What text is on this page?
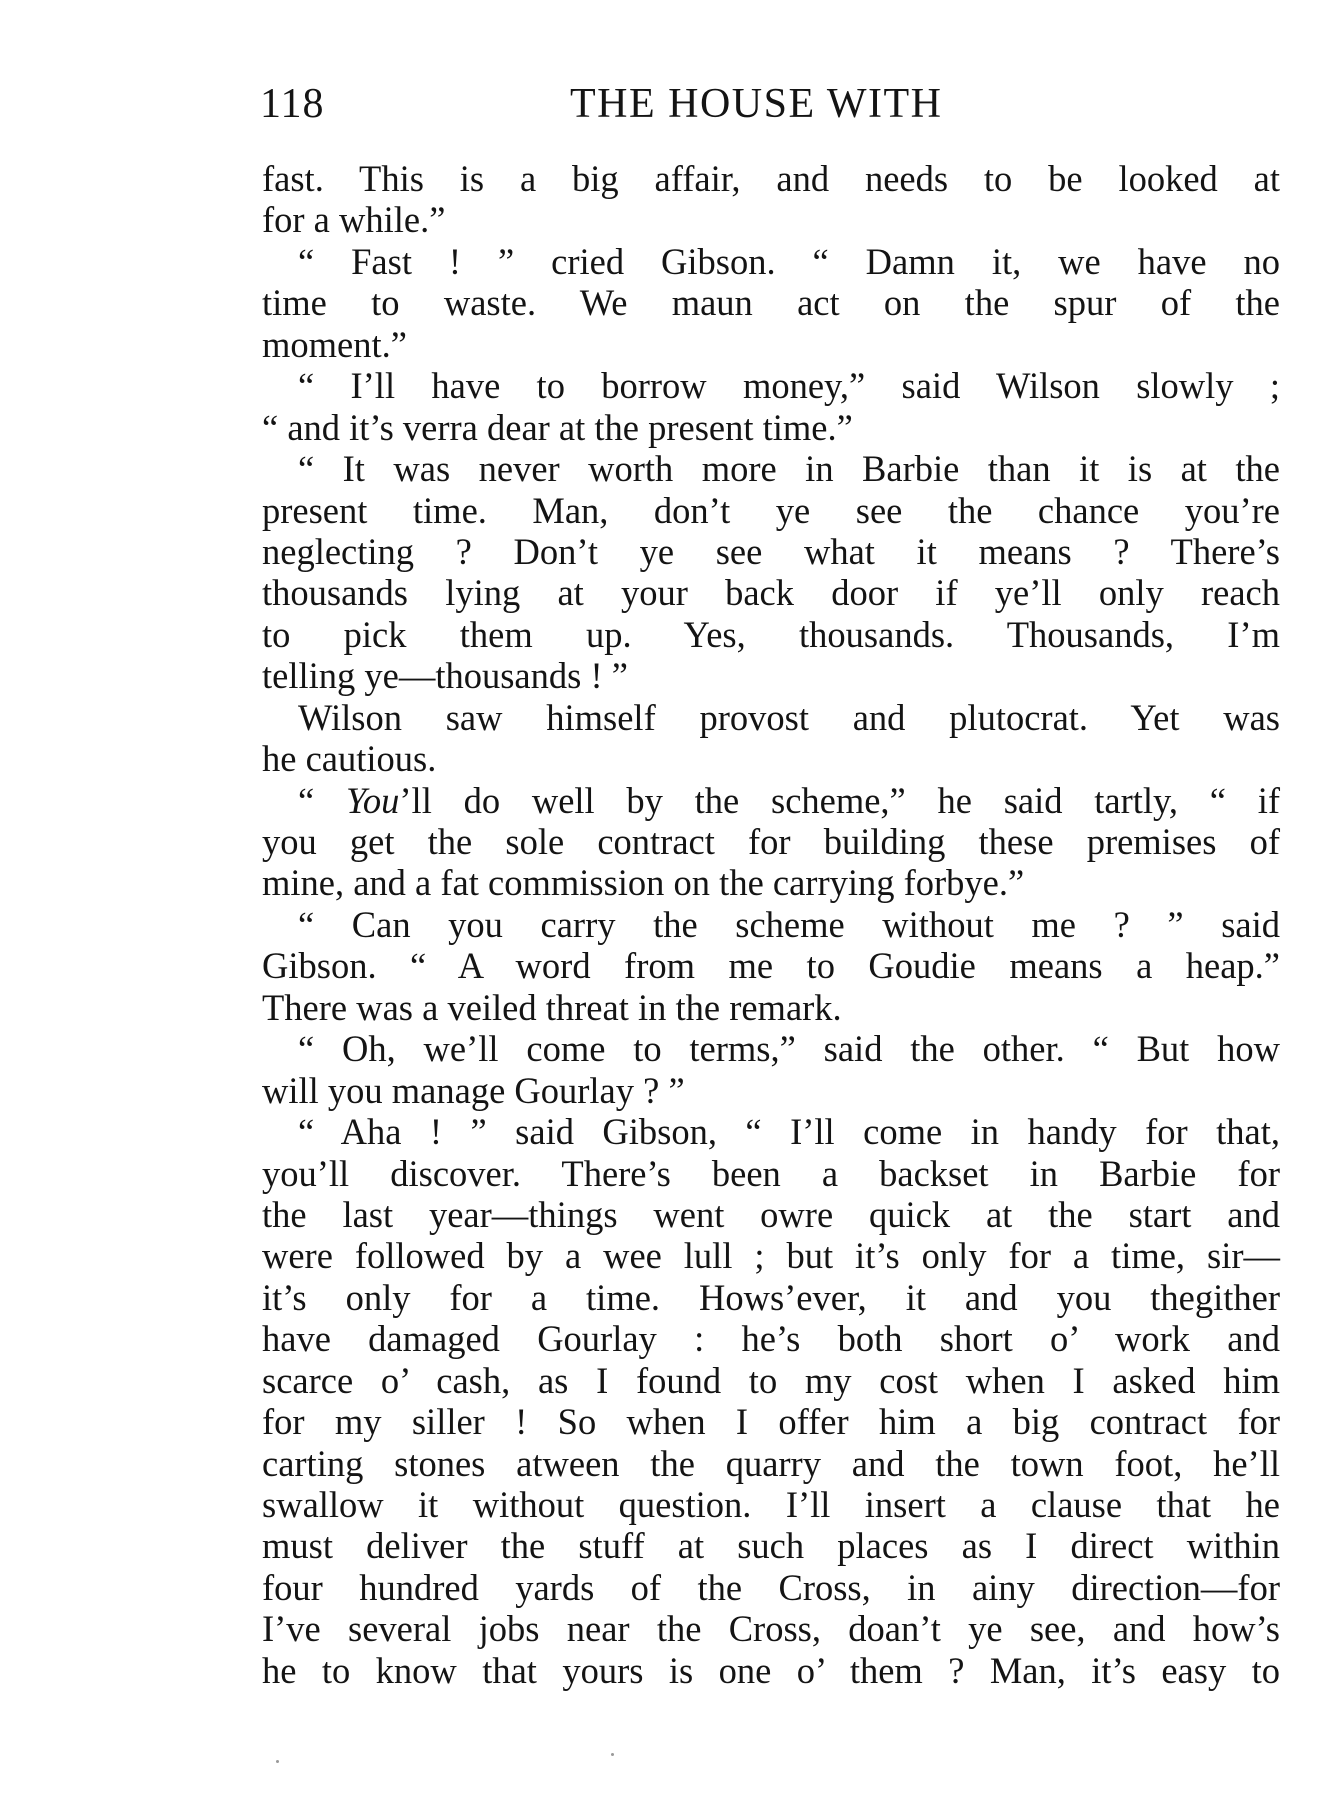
118	THE HOUSE WITH
fast. This is a big affair, and needs to be looked at
for a while.”
“ Fast ! ” cried Gibson. “ Damn it, we have no
time to waste. We maun act on the spur of the
moment.”
“ I’ll have to borrow money,” said Wilson slowly ;
“ and it’s verra dear at the present time.”
“ It was never worth more in Barbie than it is at the
present time. Man, don’t ye see the chance you’re
neglecting ? Don’t ye see what it means ? There’s
thousands lying at your back door if ye’ll only reach
to pick them up. Yes, thousands. Thousands, I’m
telling ye—thousands ! ”
Wilson saw himself provost and plutocrat. Yet was
he cautious.
“ You’ll do well by the scheme,” he said tartly, “ if
you get the sole contract for building these premises of
mine, and a fat commission on the carrying forbye.”
“ Can you carry the scheme without me ? ” said
Gibson. “ A word from me to Goudie means a heap.”
There was a veiled threat in the remark.
“ Oh, we’ll come to terms,” said the other. “ But how
will you manage Gourlay ? ”
“ Aha ! ” said Gibson, “ I’ll come in handy for that,
you’ll discover. There’s been a backset in Barbie for
the last year—things went owre quick at the start and
were followed by a wee lull ; but it’s only for a time, sir—
it’s only for a time. Hows’ever, it and you thegither
have damaged Gourlay : he’s both short o’ work and
scarce o’ cash, as I found to my cost when I asked him
for my siller ! So when I offer him a big contract for
carting stones atween the quarry and the town foot, he’ll
swallow it without question. I’ll insert a clause that he
must deliver the stuff at such places as I direct within
four hundred yards of the Cross, in ainy direction—for
I’ve several jobs near the Cross, doan’t ye see, and how’s
he to know that yours is one o’ them ? Man, it’s easy to
